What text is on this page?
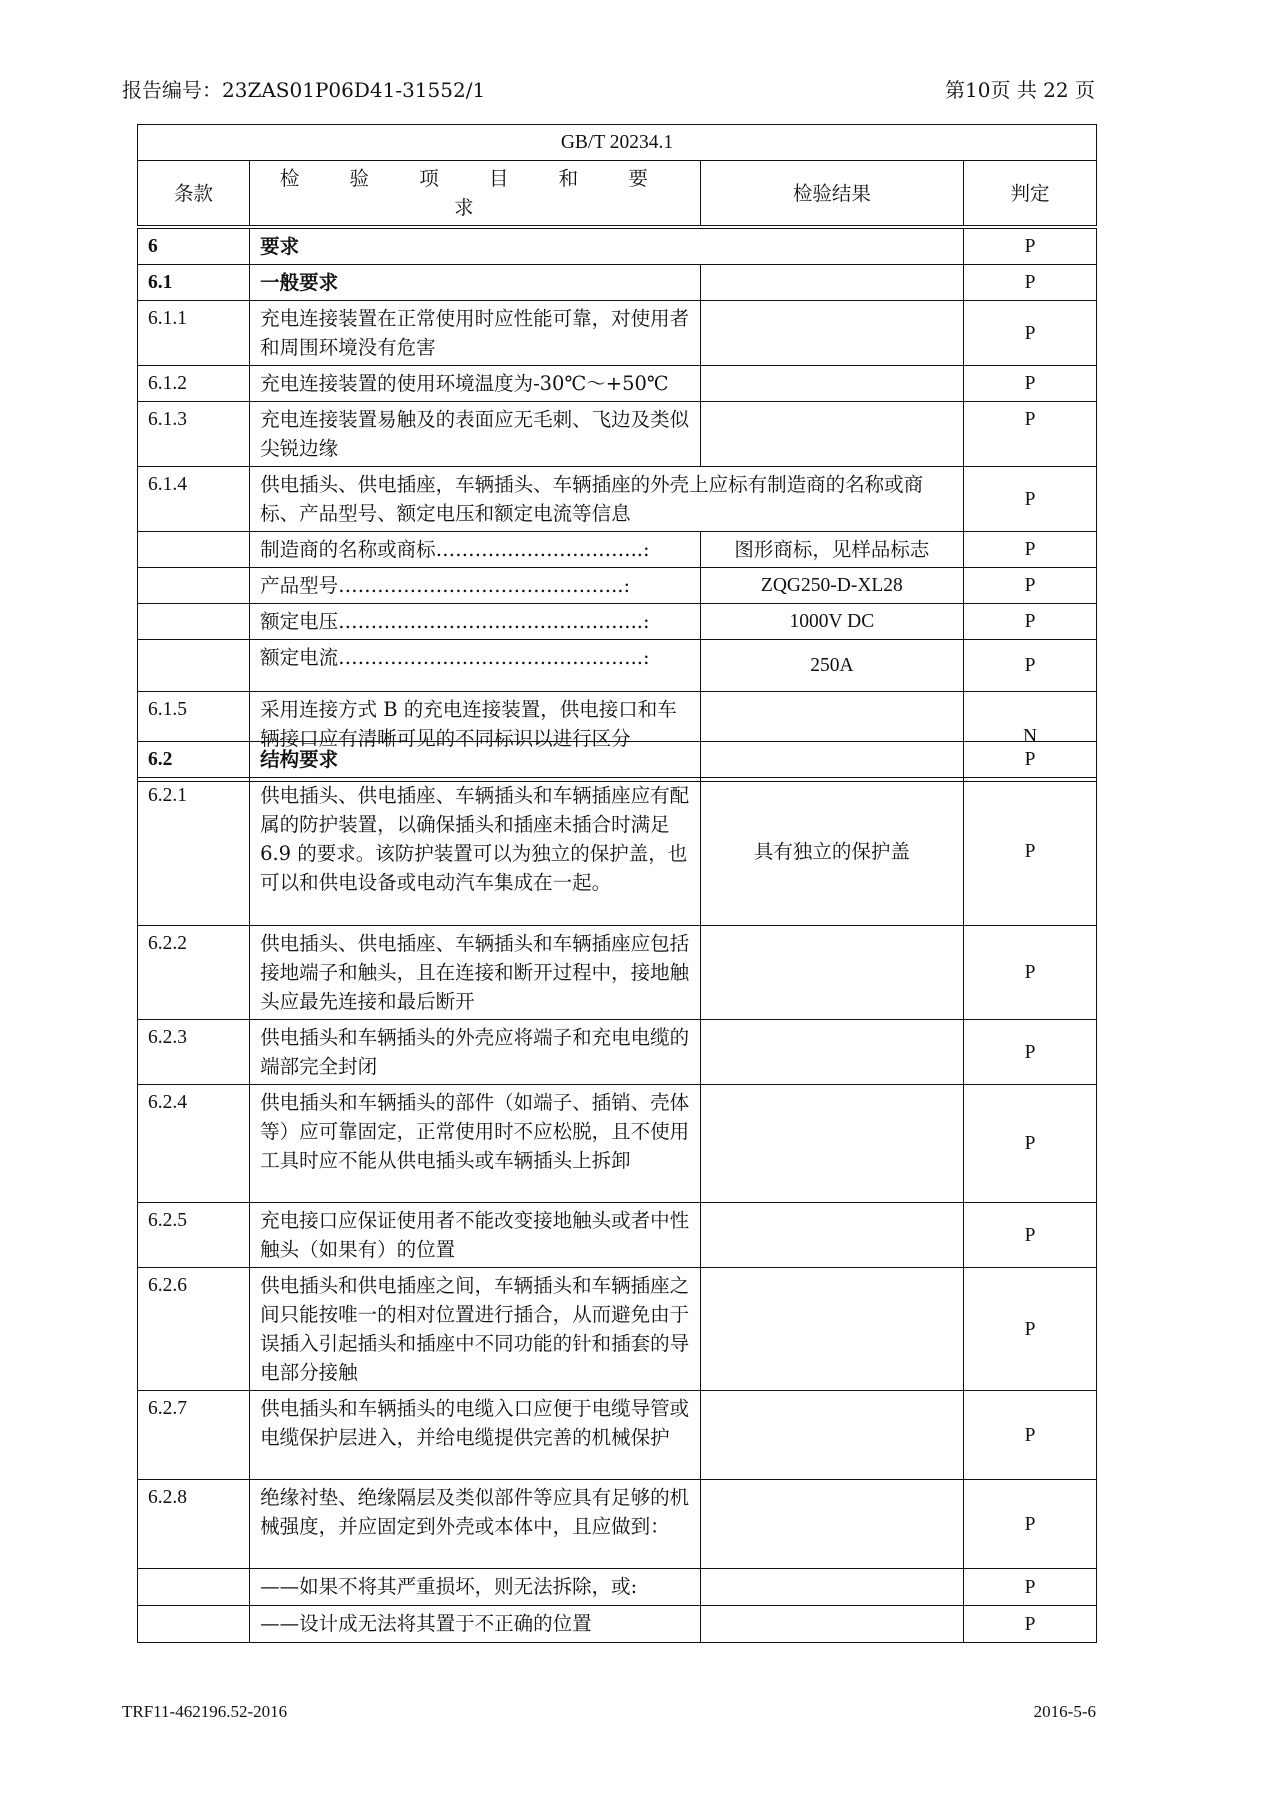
报告编号：23ZAS01P06D41-31552/1	第10页 共 22 页
GB/T 20234.1			
条款	检 验 项 目 和 要 求	检验结果	判定
6	要求		P
6.1	一般要求		P
6.1.1	充电连接装置在正常使用时应性能可靠，对使用者和周围环境没有危害		P
6.1.2	充电连接装置的使用环境温度为-30℃～+50℃		P
6.1.3	充电连接装置易触及的表面应无毛刺、飞边及类似尖锐边缘		P
6.1.4	供电插头、供电插座，车辆插头、车辆插座的外壳上应标有制造商的名称或商标、产品型号、额定电压和额定电流等信息		P
	制造商的名称或商标…………………………..:	图形商标，见样品标志	P
	产品型号……………………………………..:	ZQG250-D-XL28	P
	额定电压………………………………………..:	1000V DC	P
	额定电流………………………………………..:	250A	P
6.1.5	采用连接方式 B 的充电连接装置，供电接口和车辆接口应有清晰可见的不同标识以进行区分		N
6.2	结构要求		P
6.2.1	供电插头、供电插座、车辆插头和车辆插座应有配属的防护装置，以确保插头和插座未插合时满足 6.9 的要求。该防护装置可以为独立的保护盖，也可以和供电设备或电动汽车集成在一起。	具有独立的保护盖	P
6.2.2	供电插头、供电插座、车辆插头和车辆插座应包括接地端子和触头，且在连接和断开过程中，接地触头应最先连接和最后断开		P
6.2.3	供电插头和车辆插头的外壳应将端子和充电电缆的端部完全封闭		P
6.2.4	供电插头和车辆插头的部件（如端子、插销、壳体等）应可靠固定，正常使用时不应松脱，且不使用工具时应不能从供电插头或车辆插头上拆卸		P
6.2.5	充电接口应保证使用者不能改变接地触头或者中性触头（如果有）的位置		P
6.2.6	供电插头和供电插座之间，车辆插头和车辆插座之间只能按唯一的相对位置进行插合，从而避免由于误插入引起插头和插座中不同功能的针和插套的导电部分接触		P
6.2.7	供电插头和车辆插头的电缆入口应便于电缆导管或电缆保护层进入，并给电缆提供完善的机械保护		P
6.2.8	绝缘衬垫、绝缘隔层及类似部件等应具有足够的机械强度，并应固定到外壳或本体中，且应做到：		P
	——如果不将其严重损坏，则无法拆除，或:		P
	——设计成无法将其置于不正确的位置		P
TRF11-462196.52-2016	2016-5-6
